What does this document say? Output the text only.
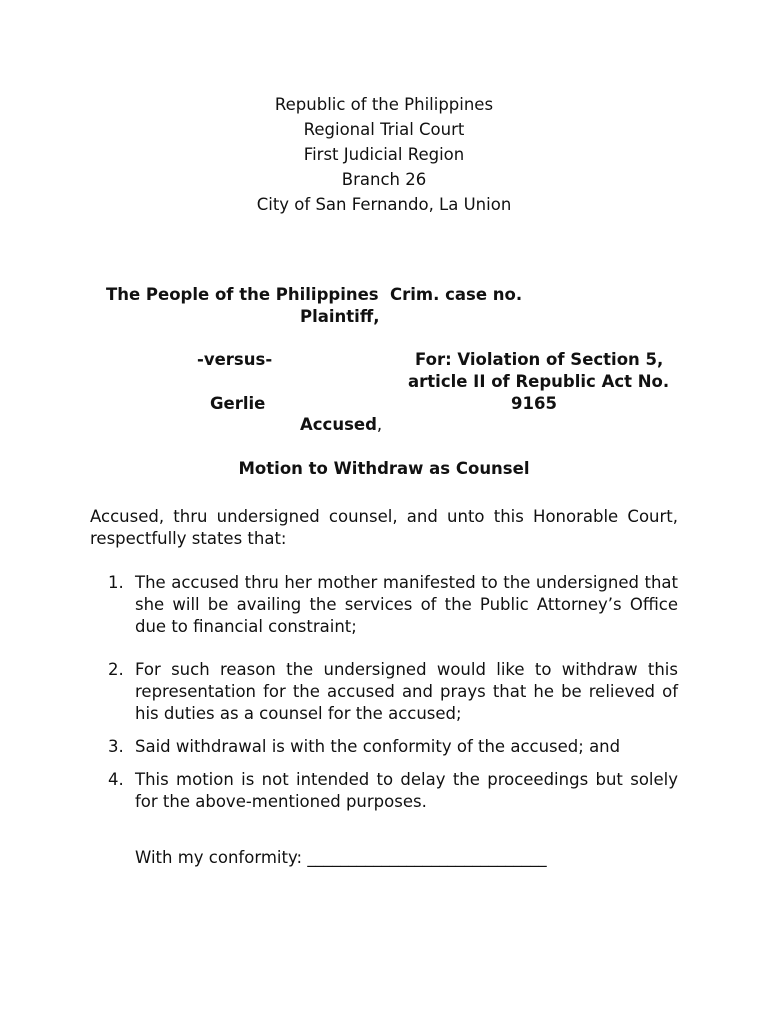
Republic of the Philippines
Regional Trial Court
First Judicial Region
Branch 26
City of San Fernando, La Union
The People of the Philippines
Plaintiff,
-versus-
Gerlie
Accused,
Crim. case no.
For: Violation of Section 5,
article II of Republic Act No.
9165
Motion to Withdraw as Counsel
Accused, thru undersigned counsel, and unto this Honorable Court, respectfully states that:
1. The accused thru her mother manifested to the undersigned that she will be availing the services of the Public Attorney’s Office due to financial constraint;
2. For such reason the undersigned would like to withdraw this representation for the accused and prays that he be relieved of his duties as a counsel for the accused;
3. Said withdrawal is with the conformity of the accused; and
4. This motion is not intended to delay the proceedings but solely for the above-mentioned purposes.
With my conformity: _____________________________
